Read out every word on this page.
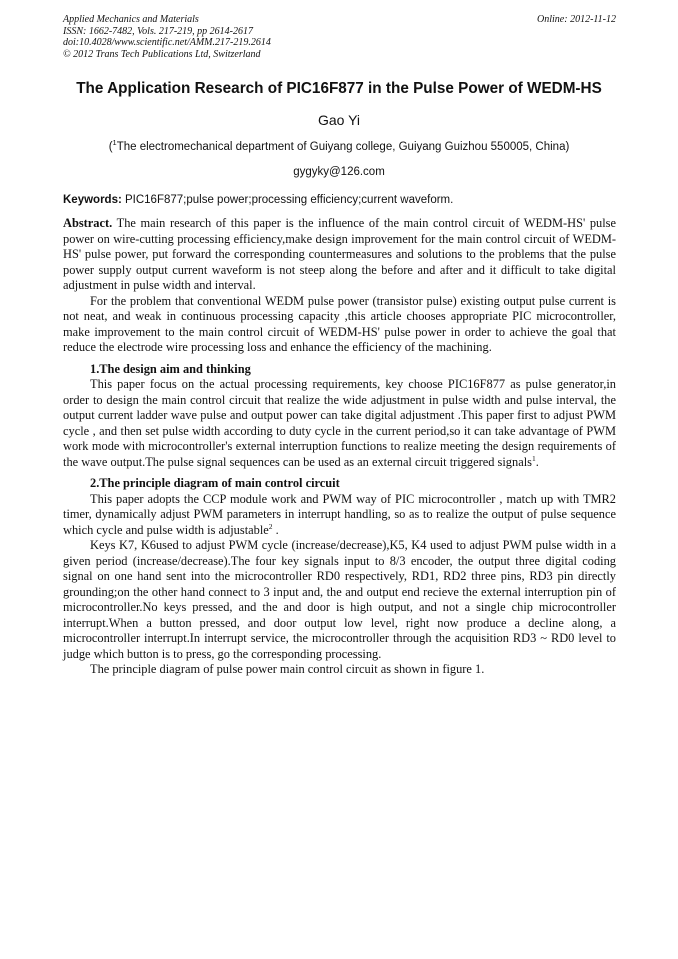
Applied Mechanics and Materials
ISSN: 1662-7482, Vols. 217-219, pp 2614-2617
doi:10.4028/www.scientific.net/AMM.217-219.2614
© 2012 Trans Tech Publications Ltd, Switzerland
Online: 2012-11-12
The Application Research of PIC16F877 in the Pulse Power of WEDM-HS
Gao Yi
($^1$The electromechanical department of Guiyang college, Guiyang Guizhou 550005, China)
gygyky@126.com
Keywords: PIC16F877;pulse power;processing efficiency;current waveform.

Abstract. The main research of this paper is the influence of the main control circuit of WEDM-HS' pulse power on wire-cutting processing efficiency,make design improvement for the main control circuit of WEDM-HS' pulse power, put forward the corresponding countermeasures and solutions to the problems that the pulse power supply output current waveform is not steep along the before and after and it difficult to take digital adjustment in pulse width and interval.

For the problem that conventional WEDM pulse power (transistor pulse) existing output pulse current is not neat, and weak in continuous processing capacity ,this article chooses appropriate PIC microcontroller, make improvement to the main control circuit of WEDM-HS' pulse power in order to achieve the goal that reduce the electrode wire processing loss and enhance the efficiency of the machining.

1.The design aim and thinking

This paper focus on the actual processing requirements, key choose PIC16F877 as pulse generator,in order to design the main control circuit that realize the wide adjustment in pulse width and pulse interval, the output current ladder wave pulse and output power can take digital adjustment .This paper first to adjust PWM cycle , and then set pulse width according to duty cycle in the current period,so it can take advantage of PWM work mode with microcontroller's external interruption functions to realize meeting the design requirements of the wave output.The pulse signal sequences can be used as an external circuit triggered signals$^1$.

2.The principle diagram of main control circuit

This paper adopts the CCP module work and PWM way of PIC microcontroller , match up with TMR2 timer, dynamically adjust PWM parameters in interrupt handling, so as to realize the output of pulse sequence which cycle and pulse width is adjustable$^2$ .

Keys K7, K6used to adjust PWM cycle (increase/decrease),K5, K4 used to adjust PWM pulse width in a given period (increase/decrease).The four key signals input to 8/3 encoder, the output three digital coding signal on one hand sent into the microcontroller RD0 respectively, RD1, RD2 three pins, RD3 pin directly grounding;on the other hand connect to 3 input and, the and output end recieve the external interruption pin of microcontroller.No keys pressed, and the and door is high output, and not a single chip microcontroller interrupt.When a button pressed, and door output low level, right now produce a decline along, a microcontroller interrupt.In interrupt service, the microcontroller through the acquisition RD3 ~ RD0 level to judge which button is to press, go the corresponding processing.

The principle diagram of pulse power main control circuit as shown in figure 1.
